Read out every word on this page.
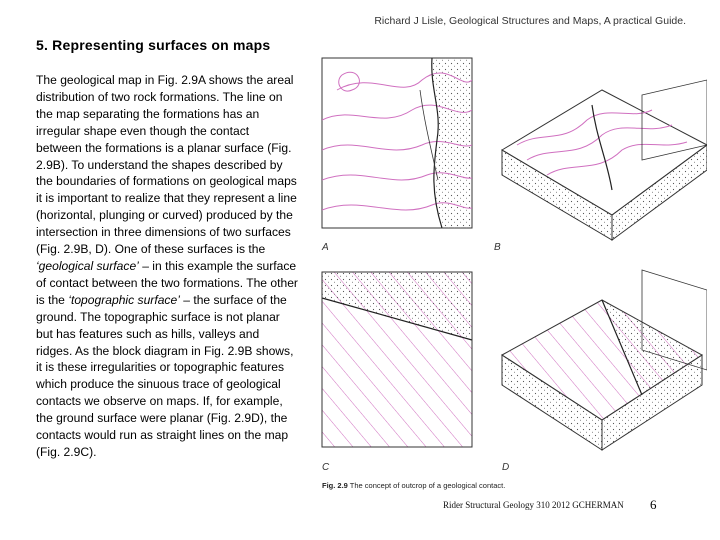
Richard J Lisle, Geological Structures and Maps, A practical Guide.
5. Representing surfaces on maps

The geological map in Fig. 2.9A shows the areal distribution of two rock formations. The line on the map separating the formations has an irregular shape even though the contact between the formations is a planar surface (Fig. 2.9B). To understand the shapes described by the boundaries of formations on geological maps it is important to realize that they represent a line (horizontal, plunging or curved) produced by the intersection in three dimensions of two surfaces (Fig. 2.9B, D). One of these surfaces is the ‘geological surface’ – in this example the surface of contact between the two formations. The other is the ‘topographic surface’ – the surface of the ground. The topographic surface is not planar but has features such as hills, valleys and ridges. As the block diagram in Fig. 2.9B shows, it is these irregularities or topographic features which produce the sinuous trace of geological contacts we observe on maps. If, for example, the ground surface were planar (Fig. 2.9D), the contacts would run as straight lines on the map (Fig. 2.9C).

A	B
C	D
Fig. 2.9 The concept of outcrop of a geological contact.
Rider Structural Geology 310 2012 GCHERMAN 6
